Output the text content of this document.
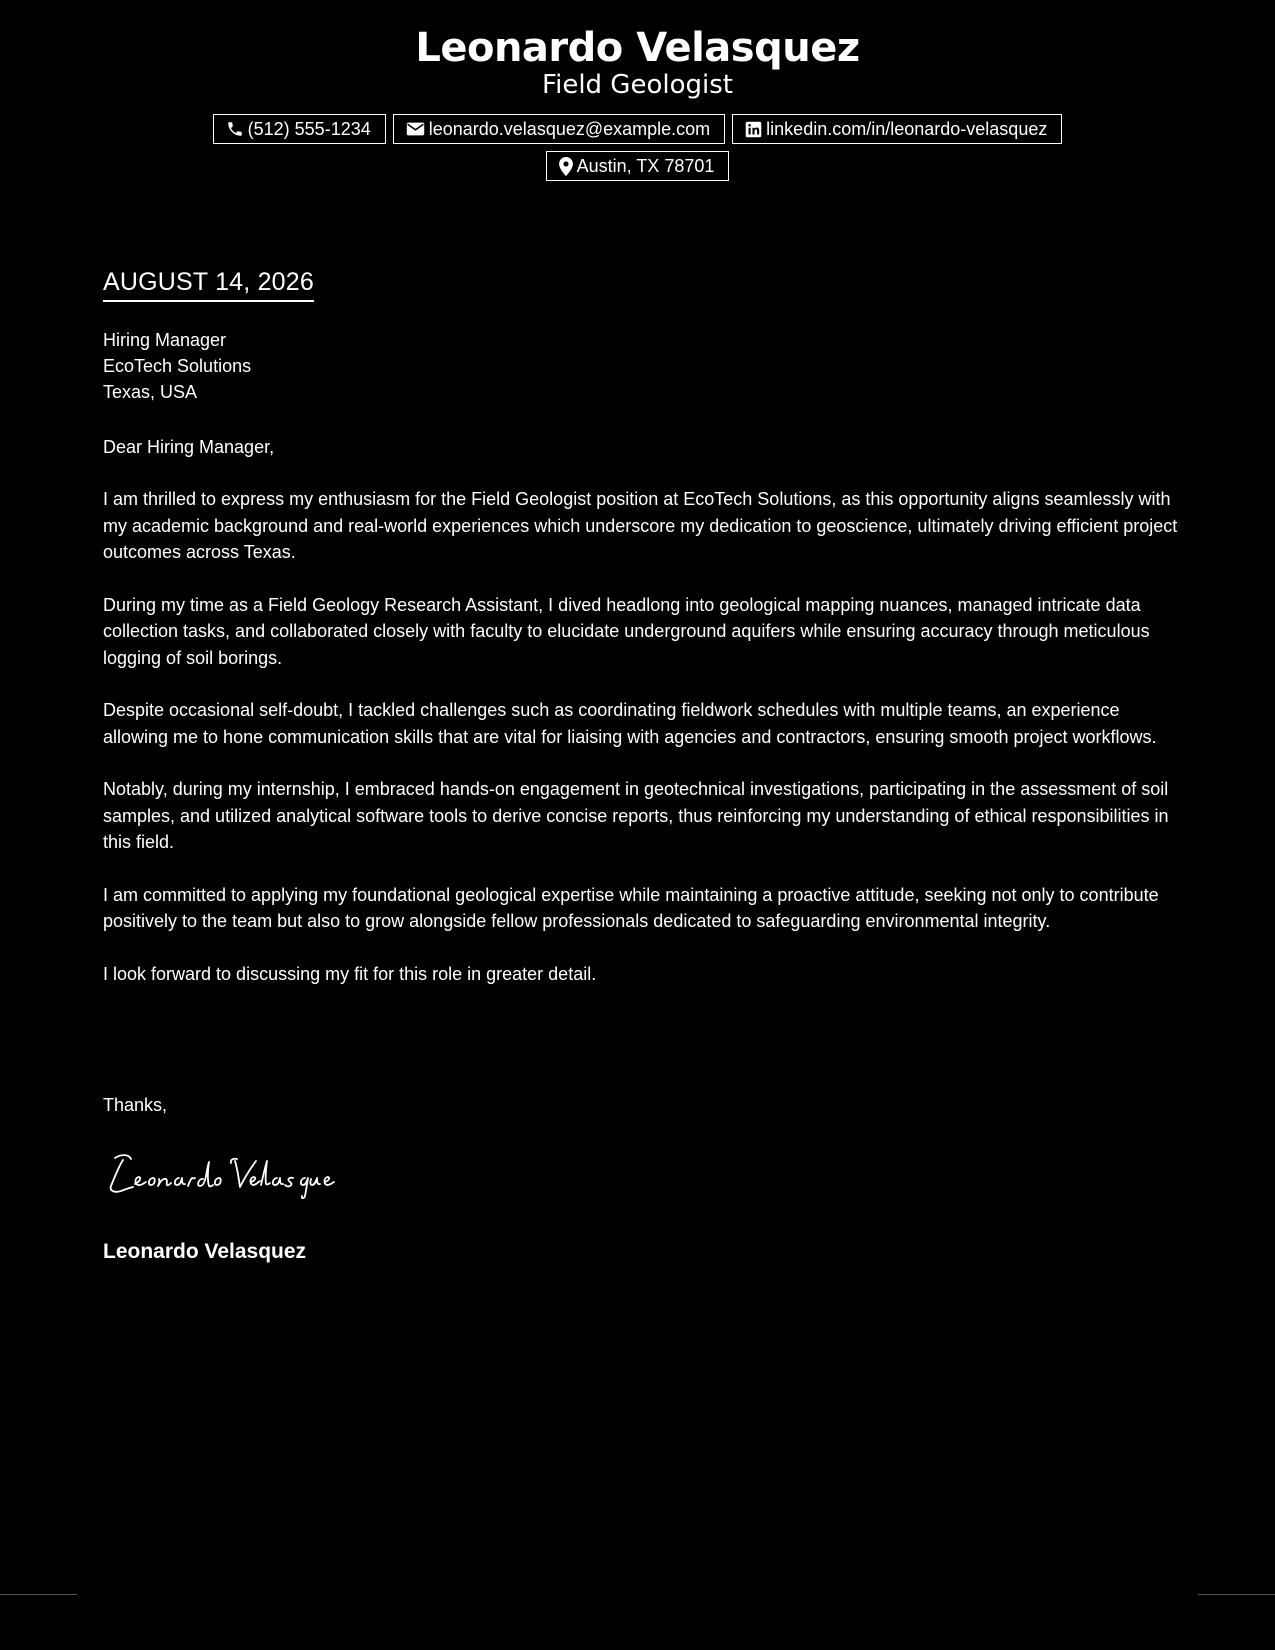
Leonardo Velasquez
Field Geologist
(512) 555-1234	leonardo.velasquez@example.com	linkedin.com/in/leonardo-velasquez
Austin, TX 78701
AUGUST 14, 2026
Hiring Manager
EcoTech Solutions
Texas, USA
Dear Hiring Manager,

I am thrilled to express my enthusiasm for the Field Geologist position at EcoTech Solutions, as this opportunity aligns seamlessly with my academic background and real-world experiences which underscore my dedication to geoscience, ultimately driving efficient project outcomes across Texas.

During my time as a Field Geology Research Assistant, I dived headlong into geological mapping nuances, managed intricate data collection tasks, and collaborated closely with faculty to elucidate underground aquifers while ensuring accuracy through meticulous logging of soil borings.

Despite occasional self-doubt, I tackled challenges such as coordinating fieldwork schedules with multiple teams, an experience allowing me to hone communication skills that are vital for liaising with agencies and contractors, ensuring smooth project workflows.

Notably, during my internship, I embraced hands-on engagement in geotechnical investigations, participating in the assessment of soil samples, and utilized analytical software tools to derive concise reports, thus reinforcing my understanding of ethical responsibilities in this field.

I am committed to applying my foundational geological expertise while maintaining a proactive attitude, seeking not only to contribute positively to the team but also to grow alongside fellow professionals dedicated to safeguarding environmental integrity.

I look forward to discussing my fit for this role in greater detail.

Thanks,
Leonardo Velasquez
